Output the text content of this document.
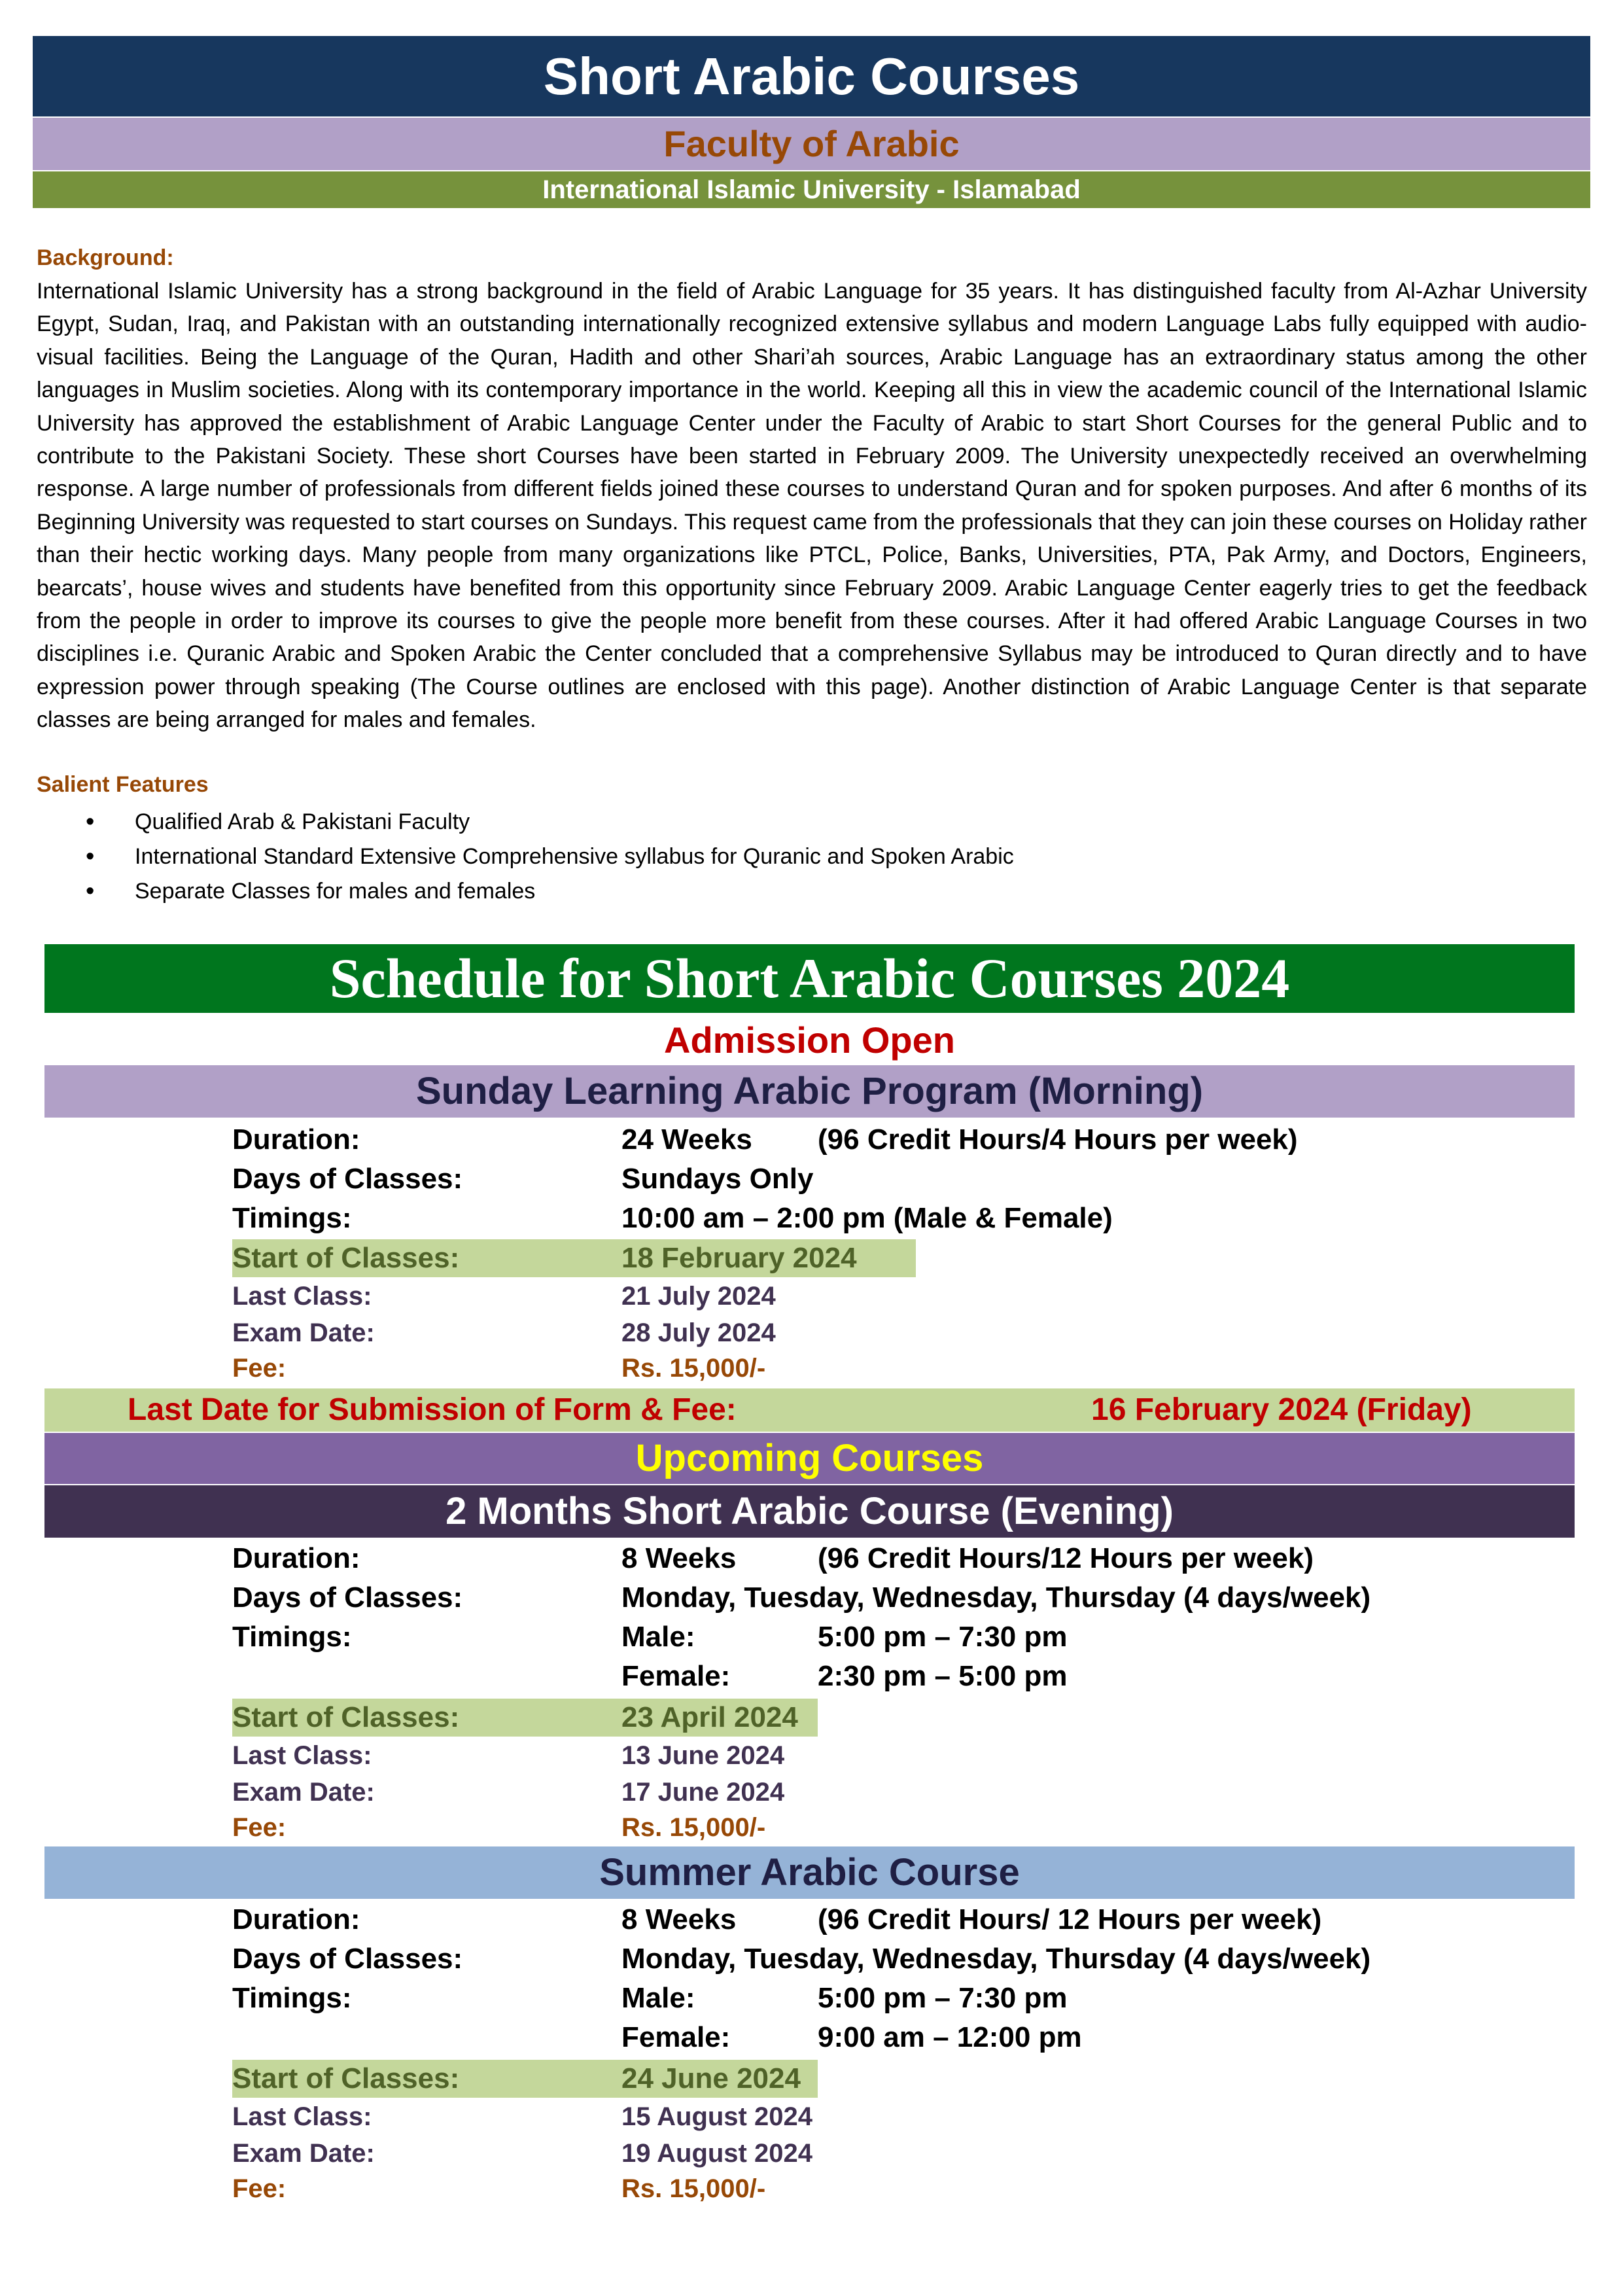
Short Arabic Courses
Faculty of Arabic
International Islamic University - Islamabad
Background:
International Islamic University has a strong background in the field of Arabic Language for 35 years. It has distinguished faculty from Al-Azhar University Egypt, Sudan, Iraq, and Pakistan with an outstanding internationally recognized extensive syllabus and modern Language Labs fully equipped with audio-visual facilities. Being the Language of the Quran, Hadith and other Shari’ah sources, Arabic Language has an extraordinary status among the other languages in Muslim societies. Along with its contemporary importance in the world. Keeping all this in view the academic council of the International Islamic University has approved the establishment of Arabic Language Center under the Faculty of Arabic to start Short Courses for the general Public and to contribute to the Pakistani Society. These short Courses have been started in February 2009. The University unexpectedly received an overwhelming response. A large number of professionals from different fields joined these courses to understand Quran and for spoken purposes. And after 6 months of its Beginning University was requested to start courses on Sundays. This request came from the professionals that they can join these courses on Holiday rather than their hectic working days. Many people from many organizations like PTCL, Police, Banks, Universities, PTA, Pak Army, and Doctors, Engineers, bearcats’, house wives and students have benefited from this opportunity since February 2009. Arabic Language Center eagerly tries to get the feedback from the people in order to improve its courses to give the people more benefit from these courses. After it had offered Arabic Language Courses in two disciplines i.e. Quranic Arabic and Spoken Arabic the Center concluded that a comprehensive Syllabus may be introduced to Quran directly and to have expression power through speaking (The Course outlines are enclosed with this page). Another distinction of Arabic Language Center is that separate classes are being arranged for males and females.
Salient Features
• Qualified Arab & Pakistani Faculty
• International Standard Extensive Comprehensive syllabus for Quranic and Spoken Arabic
• Separate Classes for males and females
Schedule for Short Arabic Courses 2024
Admission Open
Sunday Learning Arabic Program (Morning)
Duration:	24 Weeks (96 Credit Hours/4 Hours per week)
Days of Classes:	Sundays Only
Timings:	10:00 am – 2:00 pm (Male & Female)
Start of Classes:	18 February 2024
Last Class:	21 July 2024
Exam Date:	28 July 2024
Fee:	Rs. 15,000/-
Last Date for Submission of Form & Fee:	16 February 2024 (Friday)
Upcoming Courses
2 Months Short Arabic Course (Evening)
Duration:	8 Weeks	(96 Credit Hours/12 Hours per week)
Days of Classes:	Monday, Tuesday, Wednesday, Thursday (4 days/week)
Timings:	Male:	5:00 pm – 7:30 pm
Female:	2:30 pm – 5:00 pm
Start of Classes:	23 April 2024
Last Class:	13 June 2024
Exam Date:	17 June 2024
Fee:	Rs. 15,000/-
Summer Arabic Course
Duration:	8 Weeks	(96 Credit Hours/ 12 Hours per week)
Days of Classes:	Monday, Tuesday, Wednesday, Thursday (4 days/week)
Timings:	Male:	5:00 pm – 7:30 pm
Female:	9:00 am – 12:00 pm
Start of Classes:	24 June 2024
Last Class:	15 August 2024
Exam Date:	19 August 2024
Fee:	Rs. 15,000/-
